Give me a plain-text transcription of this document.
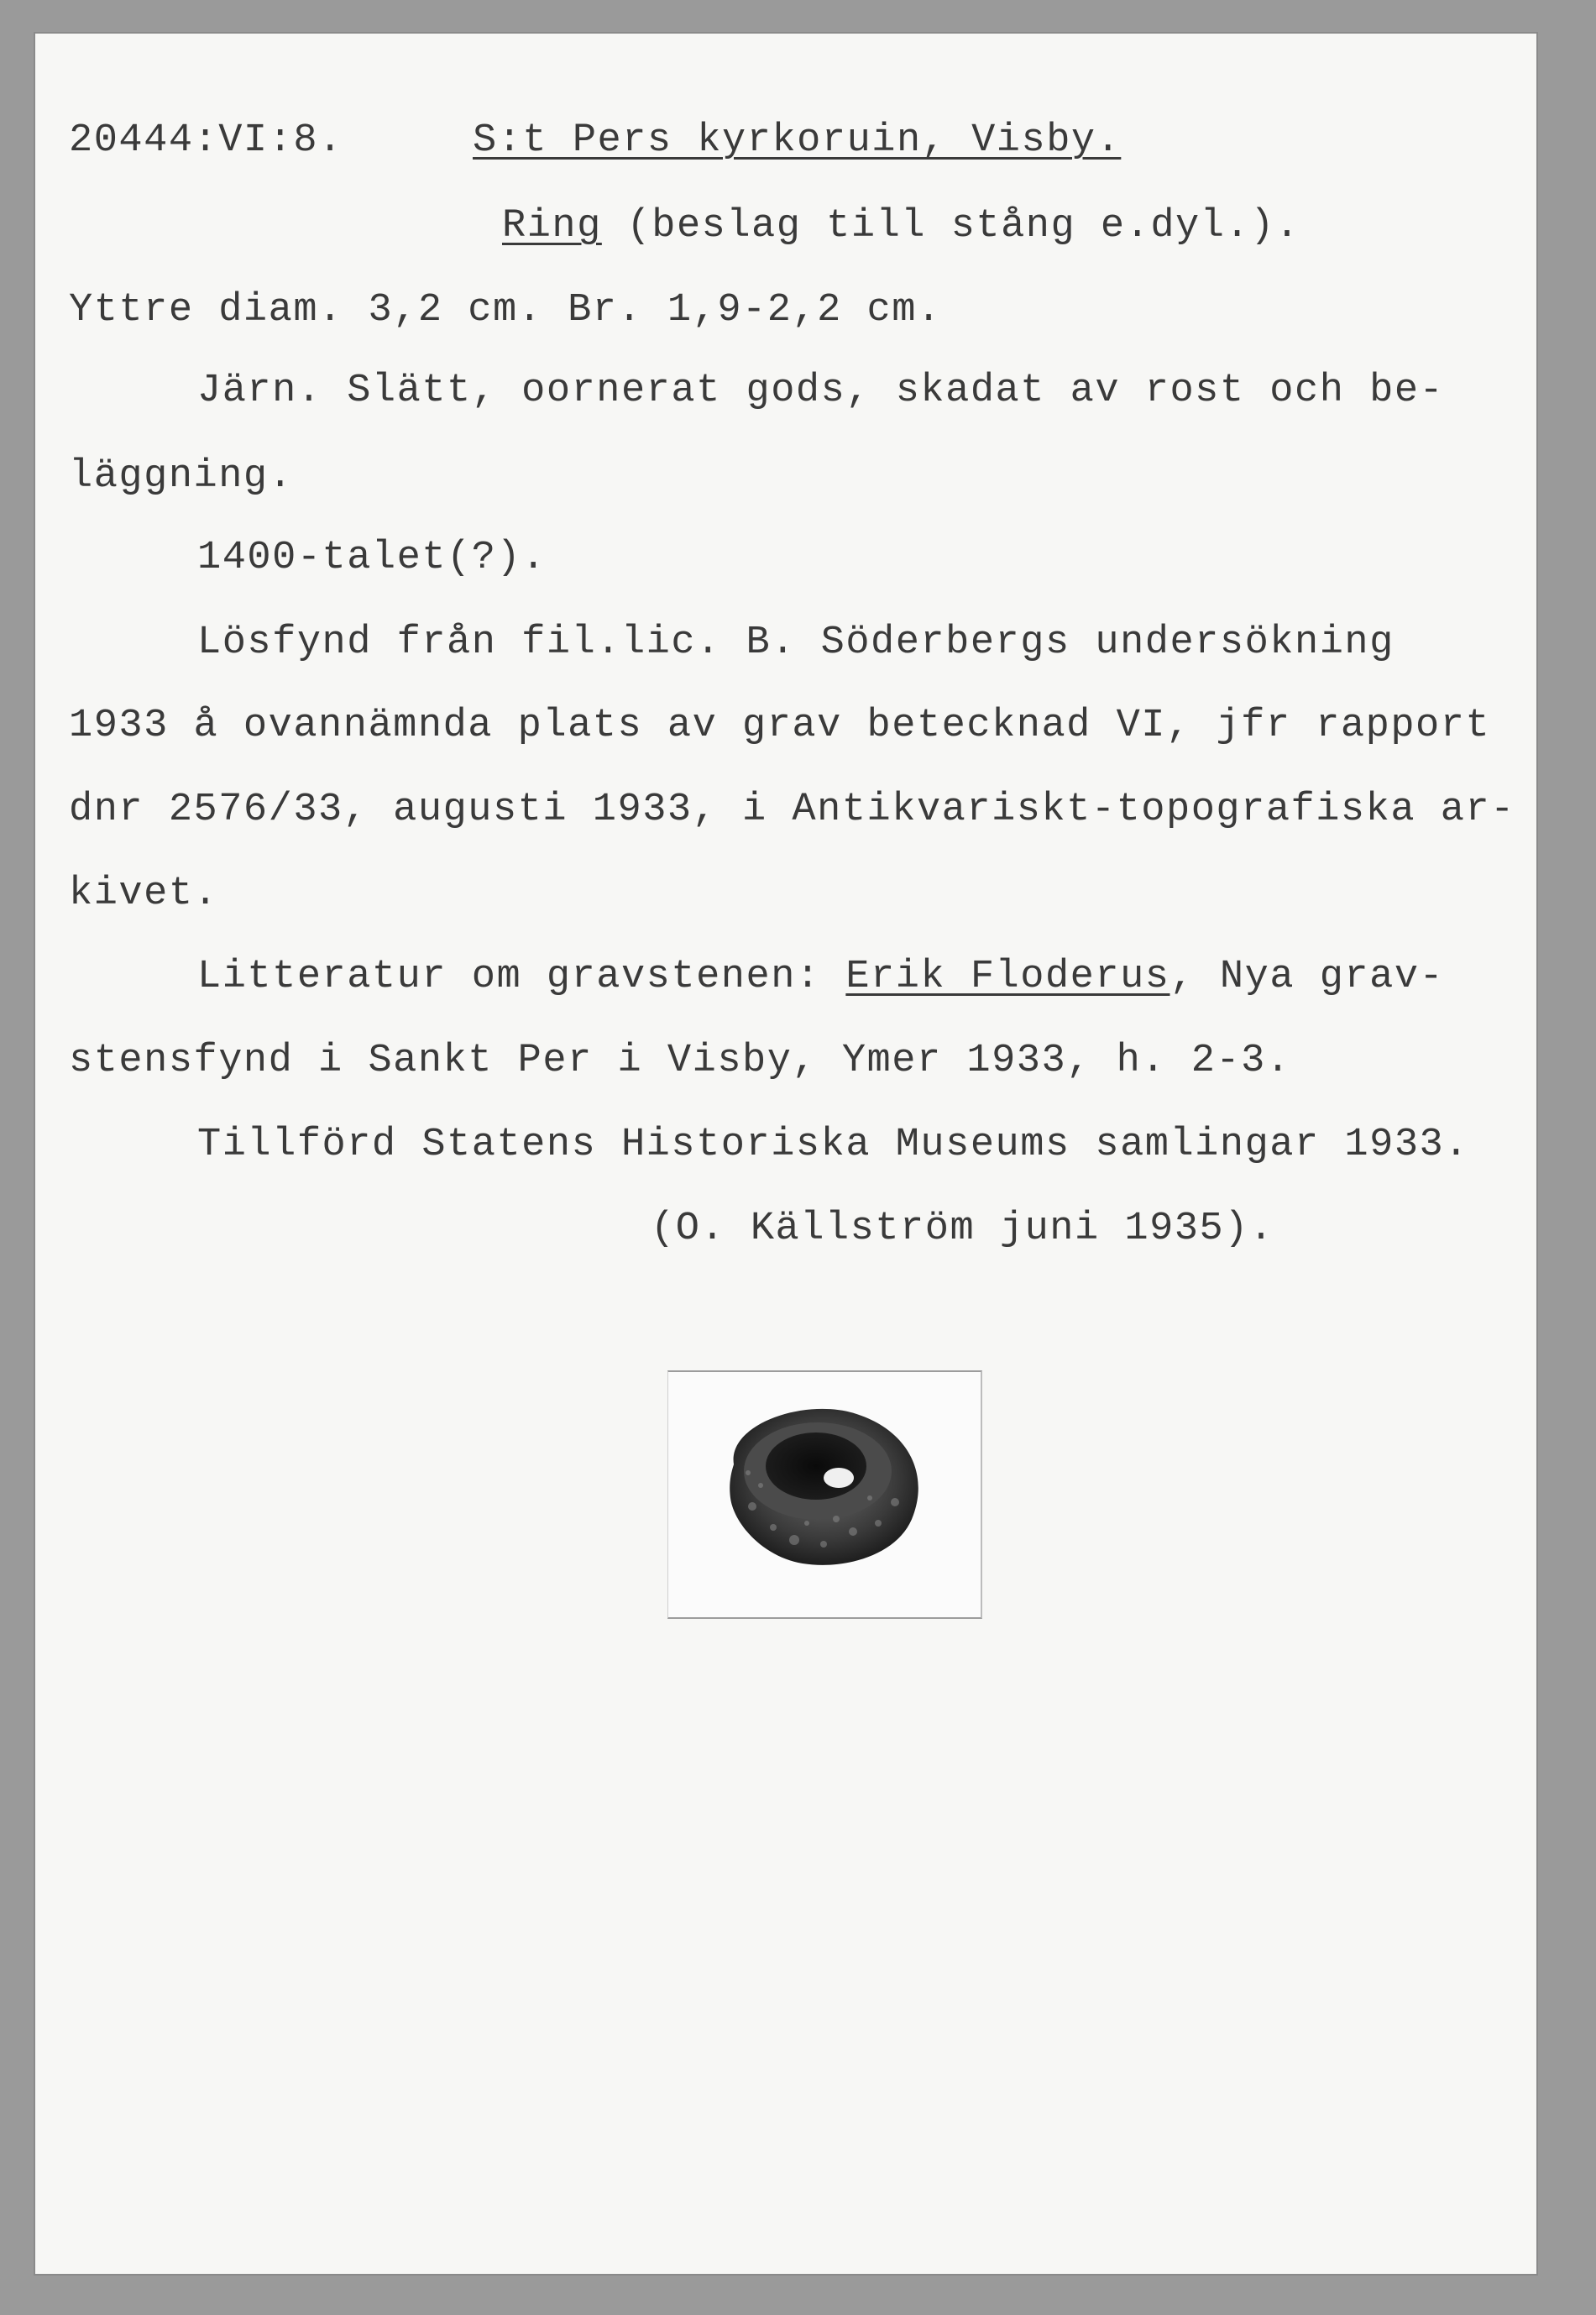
20444:VI:8.	S:t Pers kyrkoruin, Visby.
Ring (beslag till stång e.dyl.).
Yttre diam. 3,2 cm. Br. 1,9-2,2 cm.
Järn. Slätt, oornerat gods, skadat av rost och be-
läggning.
1400-talet(?).
Lösfynd från fil.lic. B. Söderbergs undersökning
1933 å ovannämnda plats av grav betecknad VI, jfr rapport
dnr 2576/33, augusti 1933, i Antikvariskt-topografiska ar-
kivet.
Litteratur om gravstenen: Erik Floderus, Nya grav-
stensfynd i Sankt Per i Visby, Ymer 1933, h. 2-3.
Tillförd Statens Historiska Museums samlingar 1933.
(O. Källström juni 1935).
